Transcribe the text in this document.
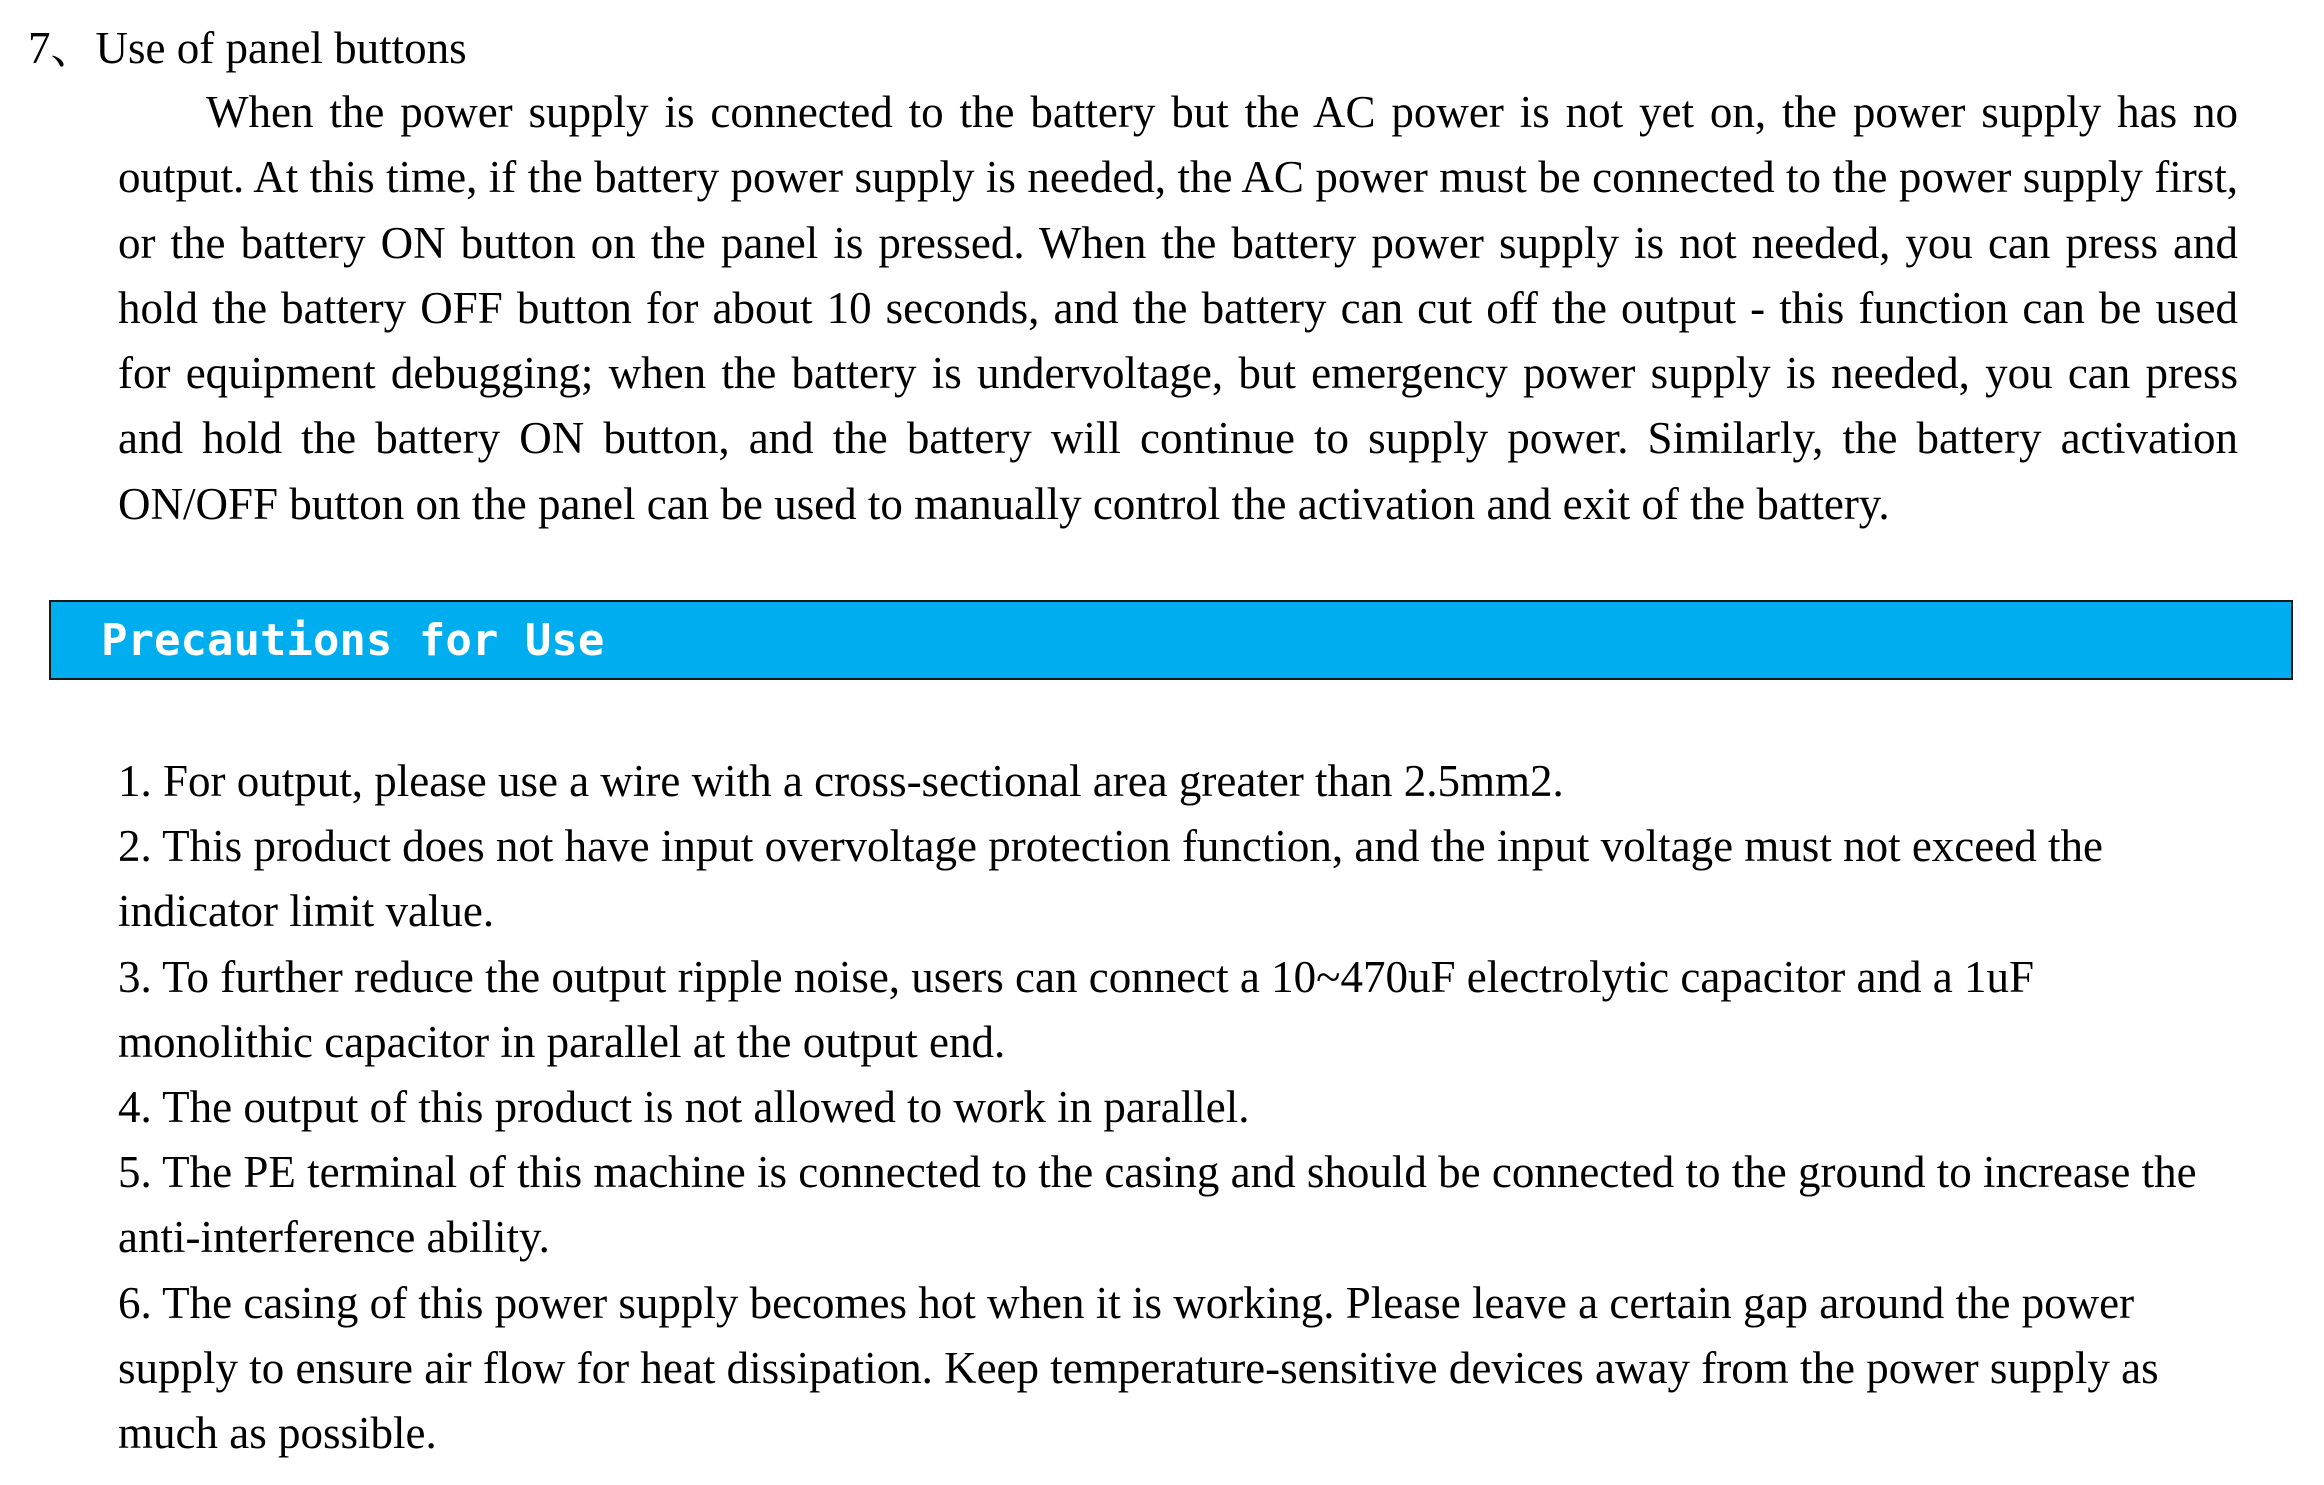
7、Use of panel buttons

When the power supply is connected to the battery but the AC power is not yet on, the power supply has no output. At this time, if the battery power supply is needed, the AC power must be connected to the power supply first, or the battery ON button on the panel is pressed. When the battery power supply is not needed, you can press and hold the battery OFF button for about 10 seconds, and the battery can cut off the output - this function can be used for equipment debugging; when the battery is undervoltage, but emergency power supply is needed, you can press and hold the battery ON button, and the battery will continue to supply power. Similarly, the battery activation ON/OFF button on the panel can be used to manually control the activation and exit of the battery.

Precautions for Use
1. For output, please use a wire with a cross-sectional area greater than 2.5mm2.
2. This product does not have input overvoltage protection function, and the input voltage must not exceed the indicator limit value.
3. To further reduce the output ripple noise, users can connect a 10~470uF electrolytic capacitor and a 1uF monolithic capacitor in parallel at the output end.
4. The output of this product is not allowed to work in parallel.
5. The PE terminal of this machine is connected to the casing and should be connected to the ground to increase the anti-interference ability.
6. The casing of this power supply becomes hot when it is working. Please leave a certain gap around the power supply to ensure air flow for heat dissipation. Keep temperature-sensitive devices away from the power supply as much as possible.
